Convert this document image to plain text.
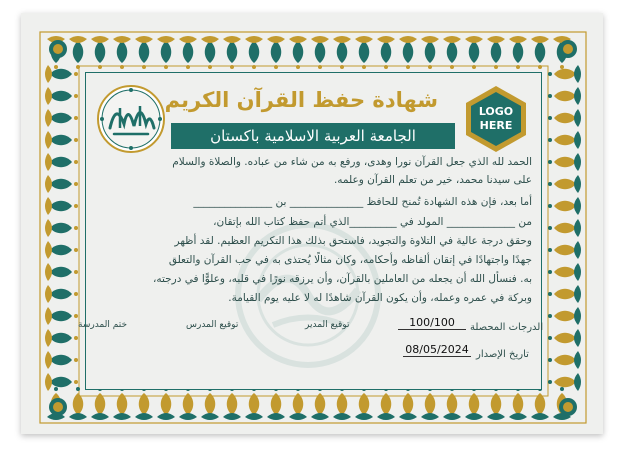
شهادة حفظ القرآن الكريم
الجامعة العربية الاسلامية باكستان
LOGO
HERE
الحمد لله الذي جعل القرآن نورا وهدى، ورفع به من شاء من عباده. والصلاة والسلام
على سيدنا محمد، خير من تعلم القرآن وعلمه.
أما بعد، فإن هذه الشهادة تُمنح للحافظ ______________ بن _______________
من _____________ المولد في _________الذي أتم حفظ كتاب الله بإتقان،
وحقق درجة عالية في التلاوة والتجويد، فاستحق بذلك هذا التكريم العظيم. لقد أظهر
جهدًا واجتهادًا في إتقان ألفاظه وأحكامه، وكان مثالًا يُحتذى به في حب القرآن والتعلق
به. فنسأل الله أن يجعله من العاملين بالقرآن، وأن يرزقه نورًا في قلبه، وعلوًّا في درجته،
وبركة في عمره وعمله، وأن يكون القرآن شاهدًا له لا عليه يوم القيامة.
ختم المدرسة	توقيع المدرس	توقيع المدير	الدرجات المحصلة
100/100
تاريخ الإصدار
08/05/2024
